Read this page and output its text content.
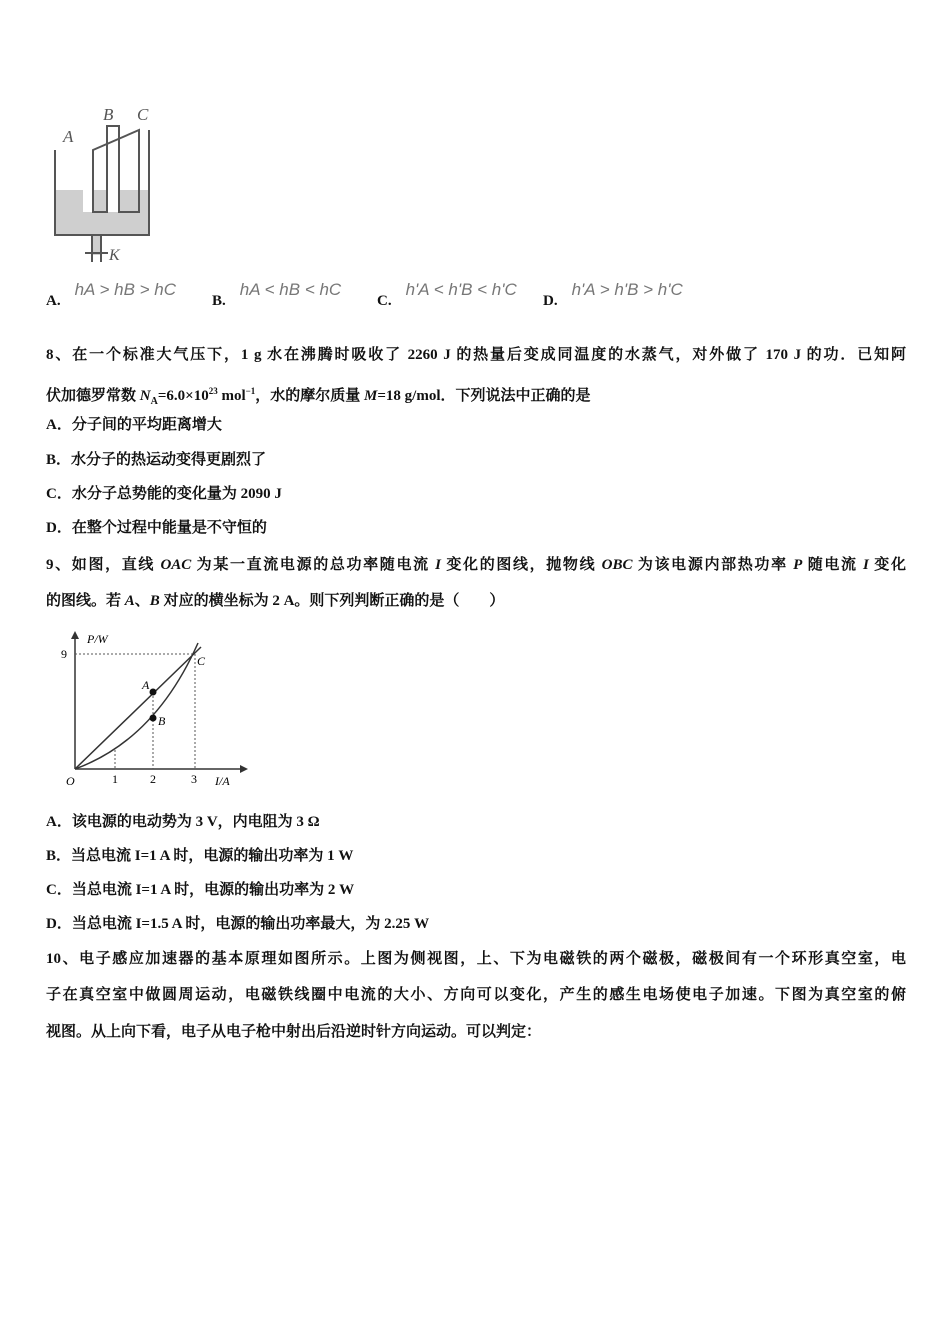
A
B C
K
A.hA > hB > hC
B.hA < hB < hC
C.h'A < h'B < h'C
D.h'A > h'B > h'C
8、在一个标准大气压下，1 g 水在沸腾时吸收了 2260 J 的热量后变成同温度的水蒸气，对外做了 170 J 的功．已知阿
伏加德罗常数 $N_A=6.0\times 10^{23}$ mol$^{-1}$，水的摩尔质量 M=18 g/mol．下列说法中正确的是
A．分子间的平均距离增大
B．水分子的热运动变得更剧烈了
C．水分子总势能的变化量为 2090 J
D．在整个过程中能量是不守恒的
9、如图，直线 OAC 为某一直流电源的总功率随电流 I 变化的图线，抛物线 OBC 为该电源内部热功率 P 随电流 I 变化
的图线。若 A、B 对应的横坐标为 2 A。则下列判断正确的是（　　）
P/W
I/A
O
9
1	2	3
A
B
C
A．该电源的电动势为 3 V，内电阻为 3 Ω
B．当总电流 I=1 A 时，电源的输出功率为 1 W
C．当总电流 I=1 A 时，电源的输出功率为 2 W
D．当总电流 I=1.5 A 时，电源的输出功率最大，为 2.25 W
10、电子感应加速器的基本原理如图所示。上图为侧视图，上、下为电磁铁的两个磁极，磁极间有一个环形真空室，电
子在真空室中做圆周运动，电磁铁线圈中电流的大小、方向可以变化，产生的感生电场使电子加速。下图为真空室的俯
视图。从上向下看，电子从电子枪中射出后沿逆时针方向运动。可以判定：
